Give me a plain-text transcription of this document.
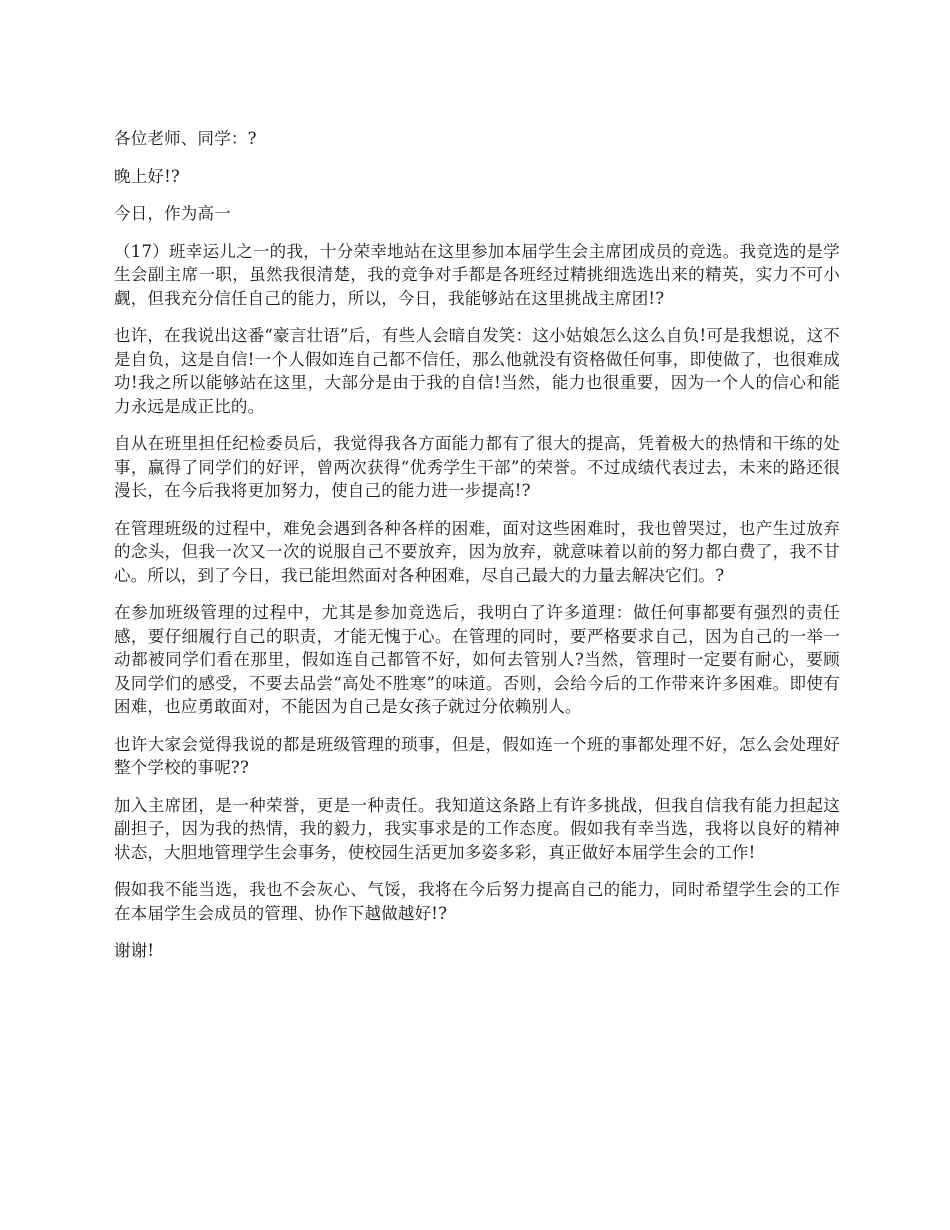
各位老师、同学：?

晚上好!?

今日，作为高一

（17）班幸运儿之一的我，十分荣幸地站在这里参加本届学生会主席团成员的竞选。我竞选的是学生会副主席一职，虽然我很清楚，我的竞争对手都是各班经过精挑细选选出来的精英，实力不可小觑，但我充分信任自己的能力，所以，今日，我能够站在这里挑战主席团!?

也许，在我说出这番“豪言壮语”后，有些人会暗自发笑：这小姑娘怎么这么自负!可是我想说，这不是自负，这是自信!一个人假如连自己都不信任，那么他就没有资格做任何事，即使做了，也很难成功!我之所以能够站在这里，大部分是由于我的自信!当然，能力也很重要，因为一个人的信心和能力永远是成正比的。

自从在班里担任纪检委员后，我觉得我各方面能力都有了很大的提高，凭着极大的热情和干练的处事，赢得了同学们的好评，曾两次获得“优秀学生干部”的荣誉。不过成绩代表过去，未来的路还很漫长，在今后我将更加努力，使自己的能力进一步提高!?

在管理班级的过程中，难免会遇到各种各样的困难，面对这些困难时，我也曾哭过，也产生过放弃的念头，但我一次又一次的说服自己不要放弃，因为放弃，就意味着以前的努力都白费了，我不甘心。所以，到了今日，我已能坦然面对各种困难，尽自己最大的力量去解决它们。?

在参加班级管理的过程中，尤其是参加竞选后，我明白了许多道理：做任何事都要有强烈的责任感，要仔细履行自己的职责，才能无愧于心。在管理的同时，要严格要求自己，因为自己的一举一动都被同学们看在那里，假如连自己都管不好，如何去管别人?当然，管理时一定要有耐心，要顾及同学们的感受，不要去品尝“高处不胜寒”的味道。否则，会给今后的工作带来许多困难。即使有困难，也应勇敢面对，不能因为自己是女孩子就过分依赖别人。

也许大家会觉得我说的都是班级管理的琐事，但是，假如连一个班的事都处理不好，怎么会处理好整个学校的事呢??

加入主席团，是一种荣誉，更是一种责任。我知道这条路上有许多挑战，但我自信我有能力担起这副担子，因为我的热情，我的毅力，我实事求是的工作态度。假如我有幸当选，我将以良好的精神状态，大胆地管理学生会事务，使校园生活更加多姿多彩，真正做好本届学生会的工作!

假如我不能当选，我也不会灰心、气馁，我将在今后努力提高自己的能力，同时希望学生会的工作在本届学生会成员的管理、协作下越做越好!?

谢谢!
